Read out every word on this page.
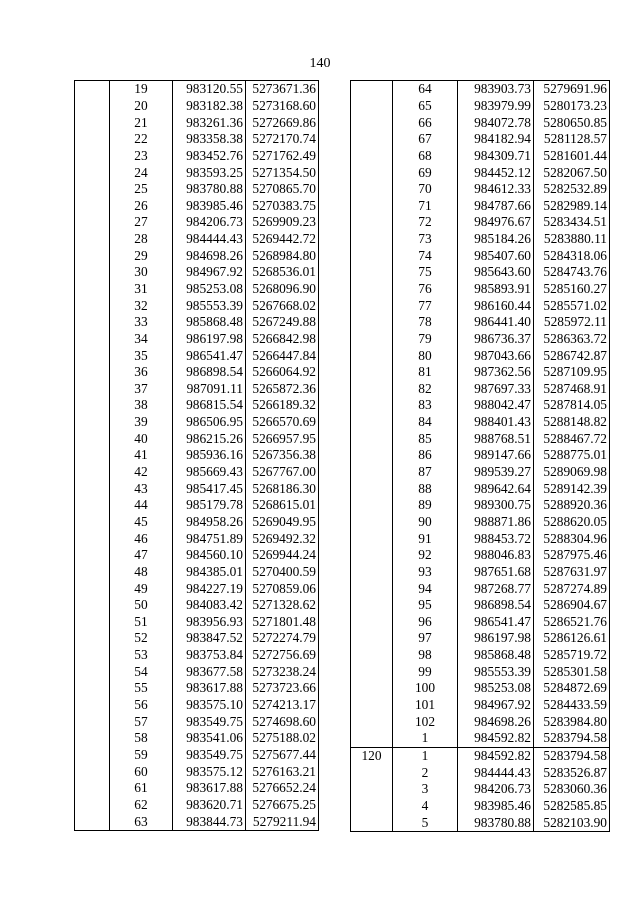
140
	19	983120.55	5273671.36
	20	983182.38	5273168.60
	21	983261.36	5272669.86
	22	983358.38	5272170.74
	23	983452.76	5271762.49
	24	983593.25	5271354.50
	25	983780.88	5270865.70
	26	983985.46	5270383.75
	27	984206.73	5269909.23
	28	984444.43	5269442.72
	29	984698.26	5268984.80
	30	984967.92	5268536.01
	31	985253.08	5268096.90
	32	985553.39	5267668.02
	33	985868.48	5267249.88
	34	986197.98	5266842.98
	35	986541.47	5266447.84
	36	986898.54	5266064.92
	37	987091.11	5265872.36
	38	986815.54	5266189.32
	39	986506.95	5266570.69
	40	986215.26	5266957.95
	41	985936.16	5267356.38
	42	985669.43	5267767.00
	43	985417.45	5268186.30
	44	985179.78	5268615.01
	45	984958.26	5269049.95
	46	984751.89	5269492.32
	47	984560.10	5269944.24
	48	984385.01	5270400.59
	49	984227.19	5270859.06
	50	984083.42	5271328.62
	51	983956.93	5271801.48
	52	983847.52	5272274.79
	53	983753.84	5272756.69
	54	983677.58	5273238.24
	55	983617.88	5273723.66
	56	983575.10	5274213.17
	57	983549.75	5274698.60
	58	983541.06	5275188.02
	59	983549.75	5275677.44
	60	983575.12	5276163.21
	61	983617.88	5276652.24
	62	983620.71	5276675.25
	63	983844.73	5279211.94
	64	983903.73	5279691.96
	65	983979.99	5280173.23
	66	984072.78	5280650.85
	67	984182.94	5281128.57
	68	984309.71	5281601.44
	69	984452.12	5282067.50
	70	984612.33	5282532.89
	71	984787.66	5282989.14
	72	984976.67	5283434.51
	73	985184.26	5283880.11
	74	985407.60	5284318.06
	75	985643.60	5284743.76
	76	985893.91	5285160.27
	77	986160.44	5285571.02
	78	986441.40	5285972.11
	79	986736.37	5286363.72
	80	987043.66	5286742.87
	81	987362.56	5287109.95
	82	987697.33	5287468.91
	83	988042.47	5287814.05
	84	988401.43	5288148.82
	85	988768.51	5288467.72
	86	989147.66	5288775.01
	87	989539.27	5289069.98
	88	989642.64	5289142.39
	89	989300.75	5288920.36
	90	988871.86	5288620.05
	91	988453.72	5288304.96
	92	988046.83	5287975.46
	93	987651.68	5287631.97
	94	987268.77	5287274.89
	95	986898.54	5286904.67
	96	986541.47	5286521.76
	97	986197.98	5286126.61
	98	985868.48	5285719.72
	99	985553.39	5285301.58
	100	985253.08	5284872.69
	101	984967.92	5284433.59
	102	984698.26	5283984.80
	1	984592.82	5283794.58
120	1	984592.82	5283794.58
	2	984444.43	5283526.87
	3	984206.73	5283060.36
	4	983985.46	5282585.85
	5	983780.88	5282103.90
